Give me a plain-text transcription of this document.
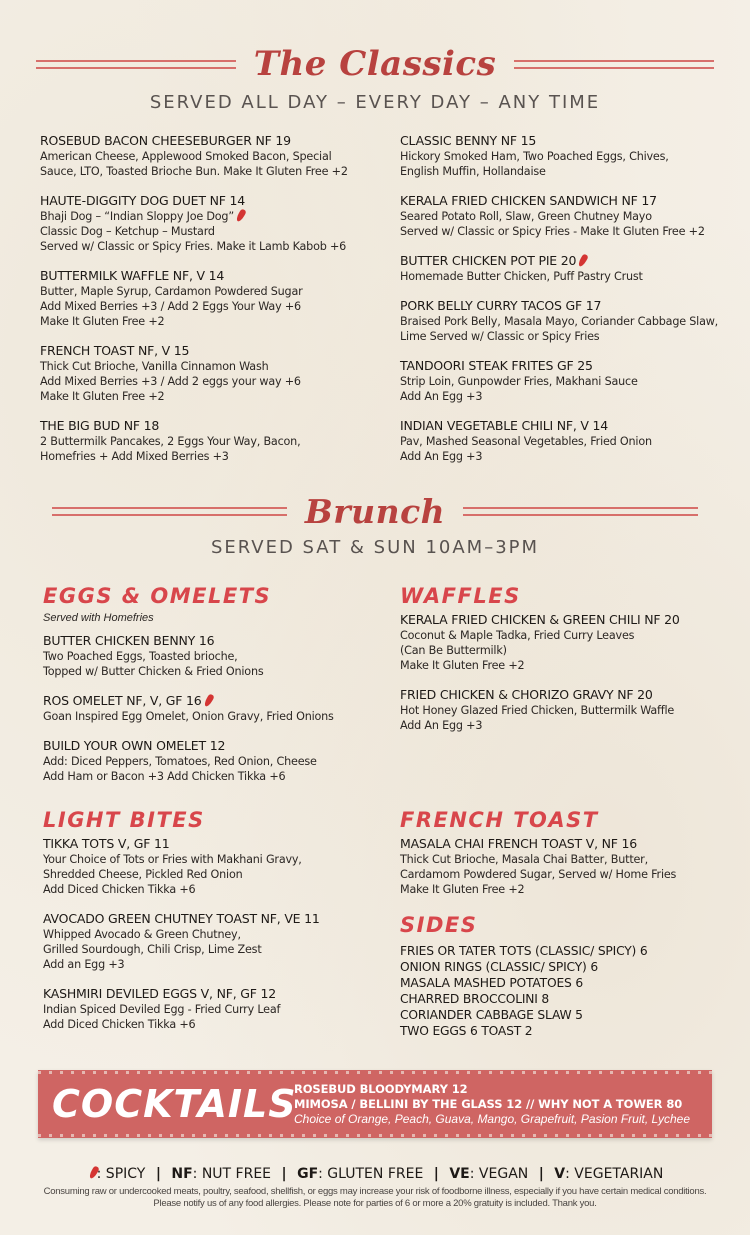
The Classics
SERVED ALL DAY – EVERY DAY – ANY TIME
ROSEBUD BACON CHEESEBURGER NF 19
American Cheese, Applewood Smoked Bacon, Special
Sauce, LTO, Toasted Brioche Bun. Make It Gluten Free +2
HAUTE-DIGGITY DOG DUET NF 14
Bhaji Dog – “Indian Sloppy Joe Dog”
Classic Dog – Ketchup – Mustard
Served w/ Classic or Spicy Fries. Make it Lamb Kabob +6
BUTTERMILK WAFFLE NF, V 14
Butter, Maple Syrup, Cardamon Powdered Sugar
Add Mixed Berries +3 / Add 2 Eggs Your Way +6
Make It Gluten Free +2
FRENCH TOAST NF, V 15
Thick Cut Brioche, Vanilla Cinnamon Wash
Add Mixed Berries +3 / Add 2 eggs your way +6
Make It Gluten Free +2
THE BIG BUD NF 18
2 Buttermilk Pancakes, 2 Eggs Your Way, Bacon,
Homefries + Add Mixed Berries +3
CLASSIC BENNY NF 15
Hickory Smoked Ham, Two Poached Eggs, Chives,
English Muffin, Hollandaise
KERALA FRIED CHICKEN SANDWICH NF 17
Seared Potato Roll, Slaw, Green Chutney Mayo
Served w/ Classic or Spicy Fries - Make It Gluten Free +2
BUTTER CHICKEN POT PIE 20
Homemade Butter Chicken, Puff Pastry Crust
PORK BELLY CURRY TACOS GF 17
Braised Pork Belly, Masala Mayo, Coriander Cabbage Slaw,
Lime Served w/ Classic or Spicy Fries
TANDOORI STEAK FRITES GF 25
Strip Loin, Gunpowder Fries, Makhani Sauce
Add An Egg +3
INDIAN VEGETABLE CHILI NF, V 14
Pav, Mashed Seasonal Vegetables, Fried Onion
Add An Egg +3
Brunch
SERVED SAT & SUN 10AM–3PM
EGGS & OMELETS
Served with Homefries
BUTTER CHICKEN BENNY 16
Two Poached Eggs, Toasted brioche,
Topped w/ Butter Chicken & Fried Onions
ROS OMELET NF, V, GF 16
Goan Inspired Egg Omelet, Onion Gravy, Fried Onions
BUILD YOUR OWN OMELET 12
Add: Diced Peppers, Tomatoes, Red Onion, Cheese
Add Ham or Bacon +3 Add Chicken Tikka +6
WAFFLES
KERALA FRIED CHICKEN & GREEN CHILI NF 20
Coconut & Maple Tadka, Fried Curry Leaves
(Can Be Buttermilk)
Make It Gluten Free +2
FRIED CHICKEN & CHORIZO GRAVY NF 20
Hot Honey Glazed Fried Chicken, Buttermilk Waffle
Add An Egg +3
LIGHT BITES
TIKKA TOTS V, GF 11
Your Choice of Tots or Fries with Makhani Gravy,
Shredded Cheese, Pickled Red Onion
Add Diced Chicken Tikka +6
AVOCADO GREEN CHUTNEY TOAST NF, VE 11
Whipped Avocado & Green Chutney,
Grilled Sourdough, Chili Crisp, Lime Zest
Add an Egg +3
KASHMIRI DEVILED EGGS V, NF, GF 12
Indian Spiced Deviled Egg - Fried Curry Leaf
Add Diced Chicken Tikka +6
FRENCH TOAST
MASALA CHAI FRENCH TOAST V, NF 16
Thick Cut Brioche, Masala Chai Batter, Butter,
Cardamom Powdered Sugar, Served w/ Home Fries
Make It Gluten Free +2
SIDES
FRIES OR TATER TOTS (CLASSIC/ SPICY) 6
ONION RINGS (CLASSIC/ SPICY) 6
MASALA MASHED POTATOES 6
CHARRED BROCCOLINI 8
CORIANDER CABBAGE SLAW 5
TWO EGGS 6 TOAST 2
COCKTAILS
ROSEBUD BLOODYMARY 12
MIMOSA / BELLINI BY THE GLASS 12 // WHY NOT A TOWER 80
Choice of Orange, Peach, Guava, Mango, Grapefruit, Pasion Fruit, Lychee
: SPICY | NF: NUT FREE | GF: GLUTEN FREE | VE: VEGAN | V: VEGETARIAN
Consuming raw or undercooked meats, poultry, seafood, shellfish, or eggs may increase your risk of foodborne illness, especially if you have certain medical conditions.
Please notify us of any food allergies. Please note for parties of 6 or more a 20% gratuity is included. Thank you.
